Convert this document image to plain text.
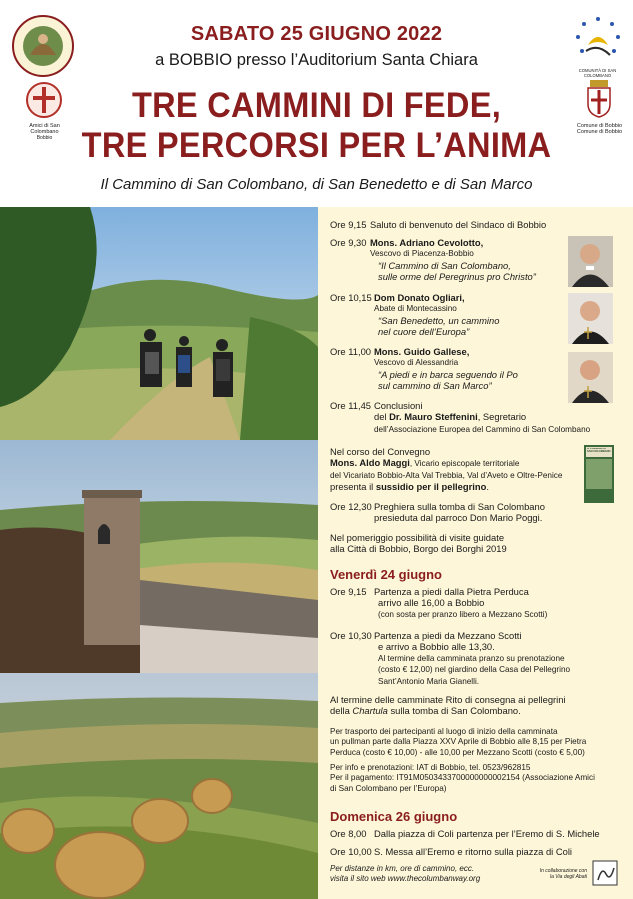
Amici di San Colombano
Bobbio
COMUNITÀ DI SAN COLOMBANO
Comune di Bobbio
Comune di Bobbio
SABATO 25 GIUGNO 2022
a BOBBIO presso l’Auditorium Santa Chiara
TRE CAMMINI DI FEDE,
TRE PERCORSI PER L’ANIMA
Il Cammino di San Colombano, di San Benedetto e di San Marco
Ore 9,15 Saluto di benvenuto del Sindaco di Bobbio
Ore 9,30 Mons. Adriano Cevolotto,
Vescovo di Piacenza-Bobbio
“Il Cammino di San Colombano,
sulle orme del Peregrinus pro Christo”
Ore 10,15 Dom Donato Ogliari,
Abate di Montecassino
“San Benedetto, un cammino
nel cuore dell’Europa”
Ore 11,00 Mons. Guido Gallese,
Vescovo di Alessandria
“A piedi e in barca seguendo il Po
sul cammino di San Marco”
Ore 11,45 Conclusioni
del Dr. Mauro Steffenini, Segretario
dell’Associazione Europea del Cammino di San Colombano
Nel corso del Convegno
Mons. Aldo Maggi, Vicario episcopale territoriale
del Vicariato Bobbio-Alta Val Trebbia, Val d’Aveto e Oltre-Penice
presenta il sussidio per il pellegrino.
IL CAMMINO DI SAN COLOMBANO
Ore 12,30 Preghiera sulla tomba di San Colombano
presieduta dal parroco Don Mario Poggi.
Nel pomeriggio possibilità di visite guidate
alla Città di Bobbio, Borgo dei Borghi 2019
Venerdì 24 giugno
Ore 9,15 Partenza a piedi dalla Pietra Perduca
arrivo alle 16,00 a Bobbio
(con sosta per pranzo libero a Mezzano Scotti)
Ore 10,30 Partenza a piedi da Mezzano Scotti
e arrivo a Bobbio alle 13,30.
Al termine della camminata pranzo su prenotazione
(costo € 12,00) nel giardino della Casa del Pellegrino
Sant’Antonio Maria Gianelli.
Al termine delle camminate Rito di consegna ai pellegrini
della Chartula sulla tomba di San Colombano.
Per trasporto dei partecipanti al luogo di inizio della camminata
un pullman parte dalla Piazza XXV Aprile di Bobbio alle 8,15 per Pietra
Perduca (costo € 10,00) - alle 10,00 per Mezzano Scotti (costo € 5,00)
Per info e prenotazioni: IAT di Bobbio, tel. 0523/962815
Per il pagamento: IT91M0503433700000000002154 (Associazione Amici
di San Colombano per l’Europa)
Domenica 26 giugno
Ore 8,00 Dalla piazza di Coli partenza per l’Eremo di S. Michele
Ore 10,00 S. Messa all’Eremo e ritorno sulla piazza di Coli
Per distanze in km, ore di cammino, ecc.
visita il sito web www.thecolumbanway.org
In collaborazione con
la Via degli Abati
